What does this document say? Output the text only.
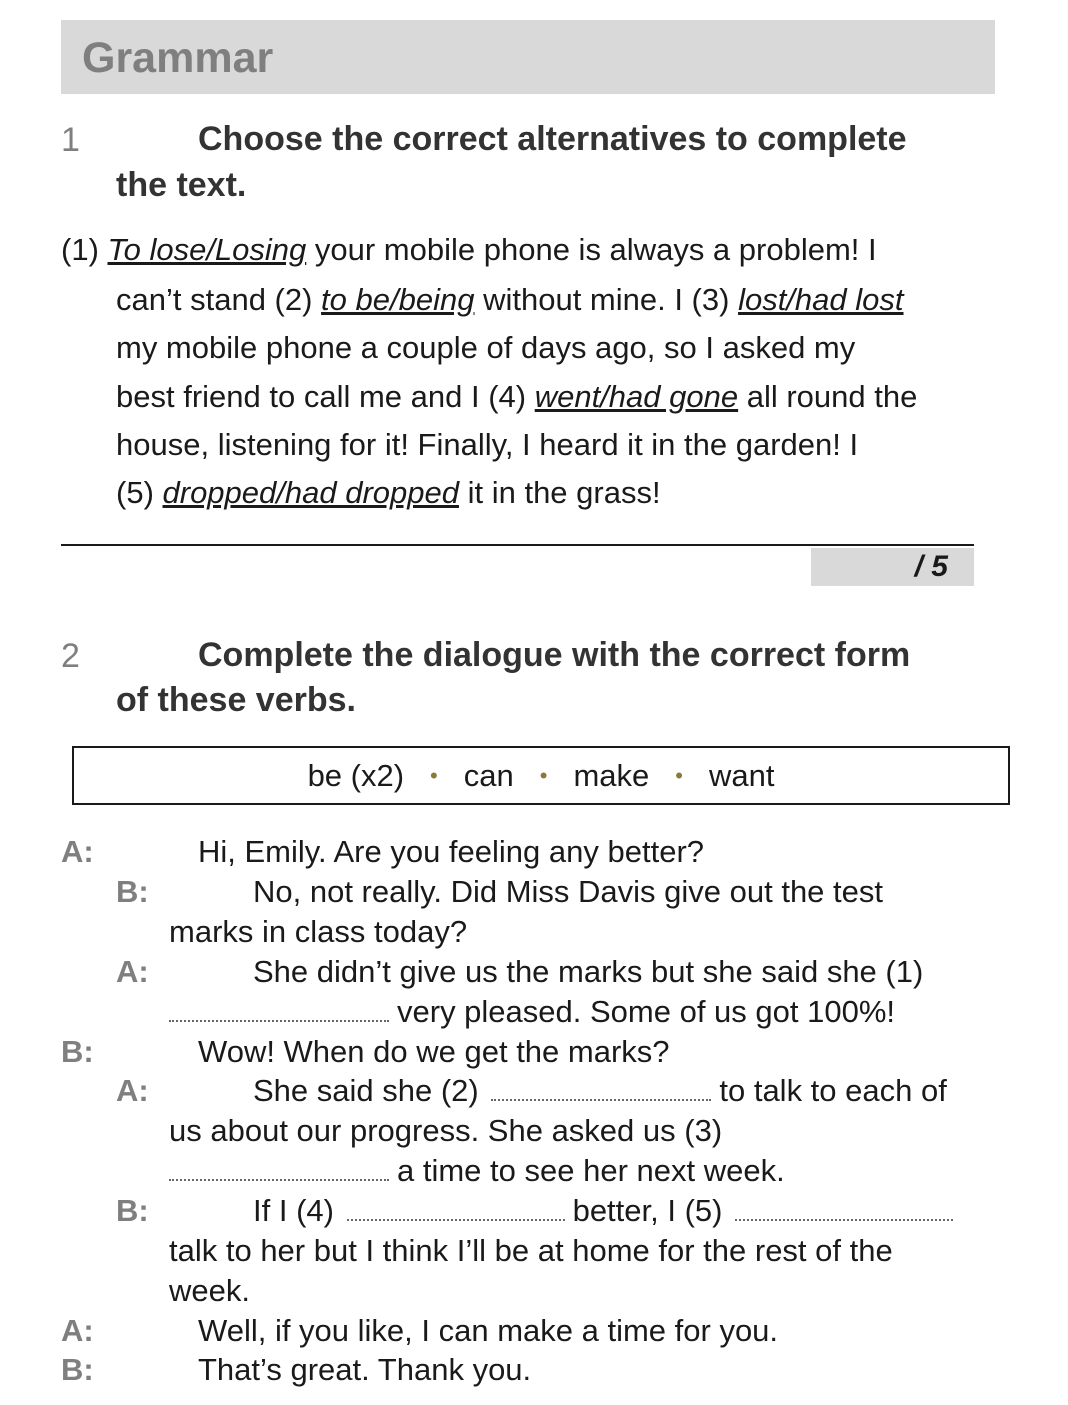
Grammar
1	Choose the correct alternatives to complete
the text.
(1) To lose/Losing your mobile phone is always a problem! I
can’t stand (2) to be/being without mine. I (3) lost/had lost
my mobile phone a couple of days ago, so I asked my
best friend to call me and I (4) went/had gone all round the
house, listening for it! Finally, I heard it in the garden! I
(5) dropped/had dropped it in the grass!
/ 5
2	Complete the dialogue with the correct form
of these verbs.
be (x2) • can • make • want
A:	Hi, Emily. Are you feeling any better?
B:	No, not really. Did Miss Davis give out the test
marks in class today?
A:	She didn’t give us the marks but she said she (1)
very pleased. Some of us got 100%!
B:	Wow! When do we get the marks?
A:	She said she (2)	to talk to each of
us about our progress. She asked us (3)
a time to see her next week.
B:	If I (4)	better, I (5)
talk to her but I think I’ll be at home for the rest of the
week.
A:	Well, if you like, I can make a time for you.
B:	That’s great. Thank you.
